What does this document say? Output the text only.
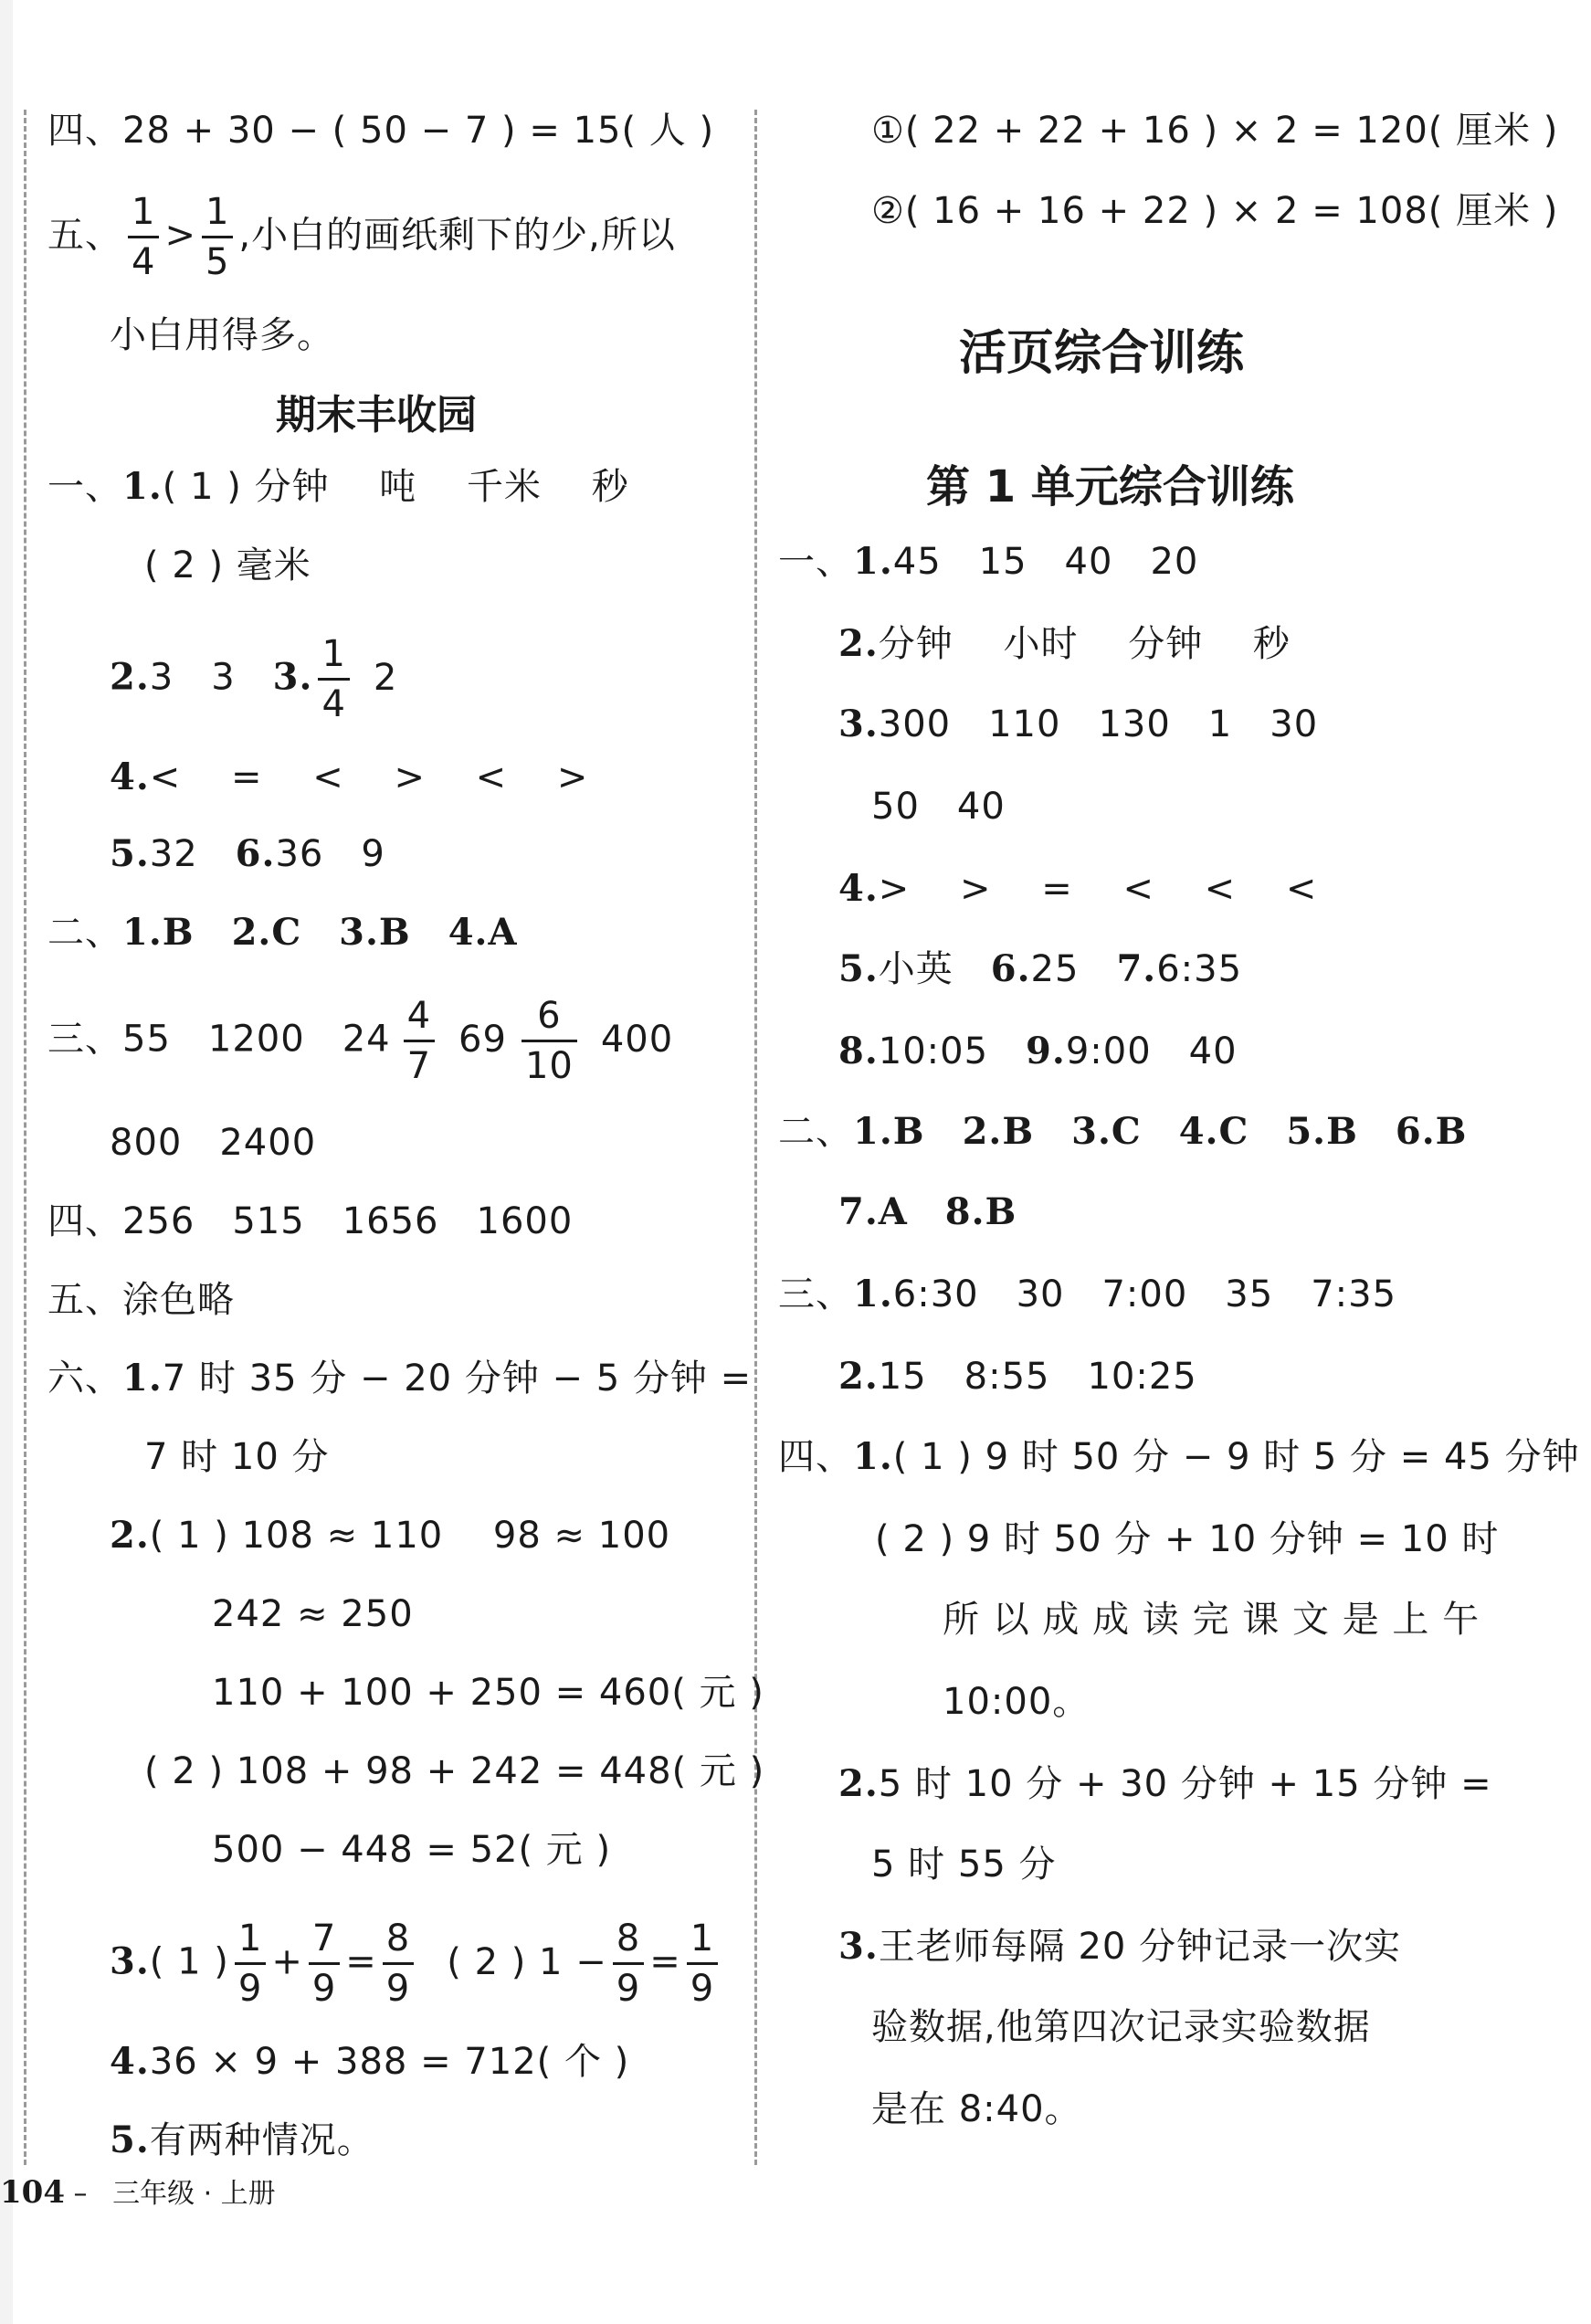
四、28 + 30 − ( 50 − 7 ) = 15( 人 )
五、 $\frac{1}{4} > \frac{1}{5}$ ,小白的画纸剩下的少,所以
小白用得多。
期末丰收园
一、1.( 1 ) 分钟　 吨　 千米　 秒
( 2 ) 毫米
2.3　3　3. $\frac{1}{4} 2$
4.<　 =　 <　 >　 <　 >
5.32　6.36　9
二、1.B　2.C　3.B　4.A
三、55　1200　$24 \frac{4}{7} 69 \frac{6}{10} 400$
800　2400
四、256　515　1656　1600
五、涂色略
六、1.7 时 35 分 − 20 分钟 − 5 分钟 =
7 时 10 分
2.( 1 ) 108 ≈ 110　 98 ≈ 100
242 ≈ 250
110 + 100 + 250 = 460( 元 )
( 2 ) 108 + 98 + 242 = 448( 元 )
500 − 448 = 52( 元 )
3.( 1 ) $\frac{1}{9} + \frac{7}{9} = \frac{8}{9}$ ( 2 ) $1 - \frac{8}{9} = \frac{1}{9}$
4.36 × 9 + 388 = 712( 个 )
5.有两种情况。
①( 22 + 22 + 16 ) × 2 = 120( 厘米 )
②( 16 + 16 + 22 ) × 2 = 108( 厘米 )
活页综合训练
第 1 单元综合训练
一、1.45　15　40　20
2.分钟　 小时　 分钟　 秒
3.300　110　130　1　30
50　40
4.>　 >　 =　 <　 <　 <
5.小英　6.25　7.6:35
8.10:05　9.9:00　40
二、1.B　2.B　3.C　4.C　5.B　6.B
7.A　8.B
三、1.6:30　30　7:00　35　7:35
2.15　8:55　10:25
四、1.( 1 ) 9 时 50 分 − 9 时 5 分 = 45 分钟
( 2 ) 9 时 50 分 + 10 分钟 = 10 时
所 以 成 成 读 完 课 文 是 上 午
10:00。
2.5 时 10 分 + 30 分钟 + 15 分钟 =
5 时 55 分
3.王老师每隔 20 分钟记录一次实
验数据,他第四次记录实验数据
是在 8:40。
104 – 三年级 · 上册
